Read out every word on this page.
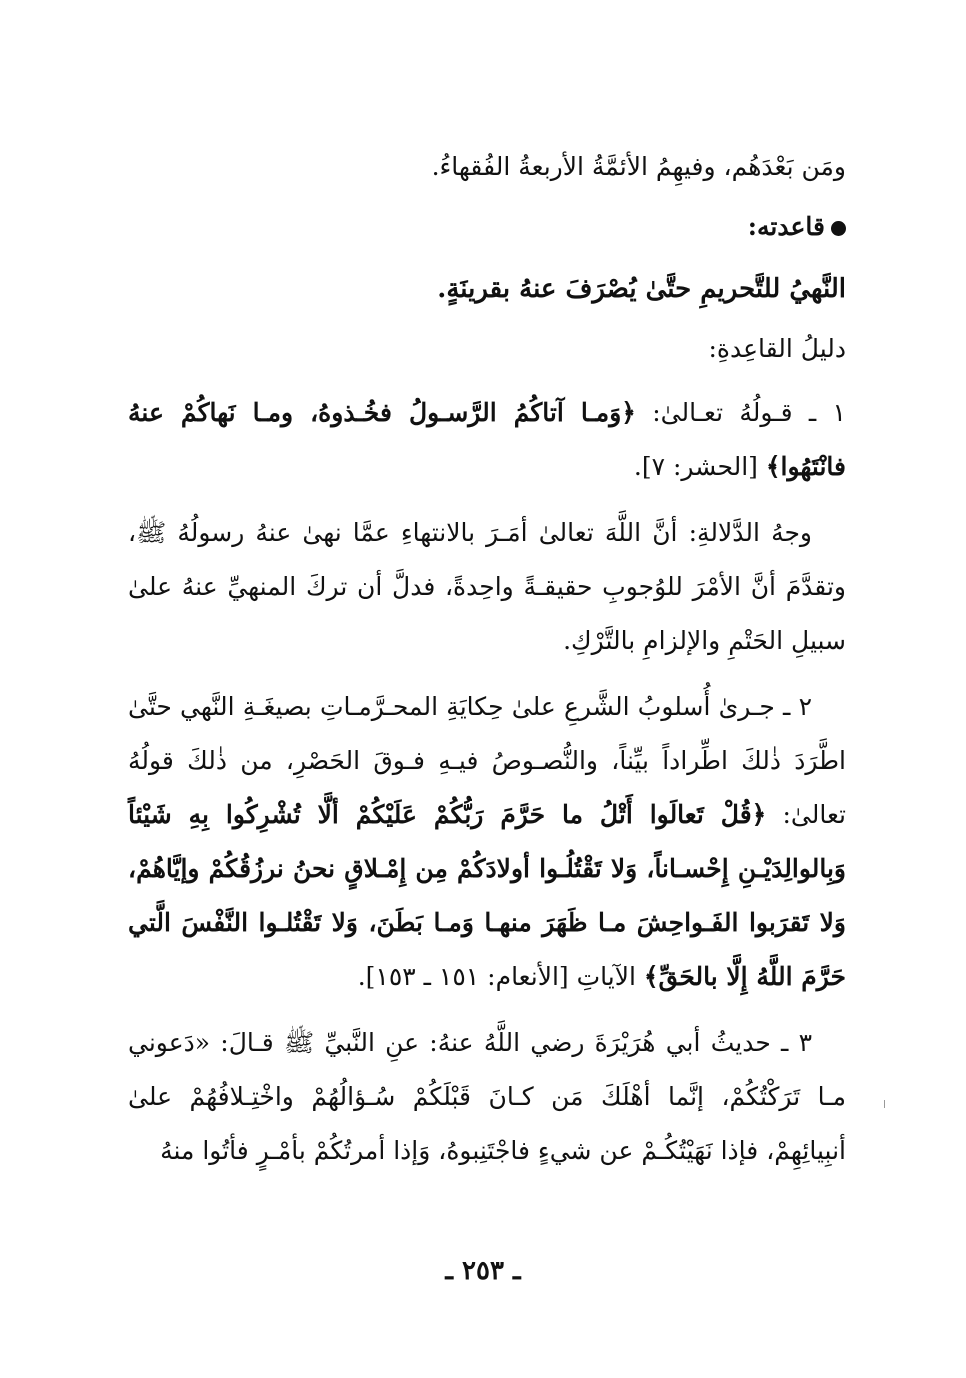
ومَن بَعْدَهُم، وفيهِمُ الأئمَّةُ الأربعةُ الفُقهاءُ.

قاعدته:

النَّهيُ للتَّحريمِ حتَّىٰ يُصْرَفَ عنهُ بقرينَةٍ.

دليلُ القاعِدةِ:

١ ـ قـولُهُ تعـالىٰ: ﴿وَمـا آتاكُمُ الرَّسـولُ فخُـذوهُ، ومـا نَهاكُمْ عنهُ فانْتَهُوا﴾ [الحشر: ٧].

وجهُ الدَّلالةِ: أنَّ اللَّهَ تعالىٰ أمَـرَ بالانتهاءِ عمَّا نهىٰ عنهُ رسولُهُ ﷺ، وتقدَّمَ أنَّ الأمْرَ للوُجوبِ حقيقـةً واحِدةً، فدلَّ أن تركَ المنهيِّ عنهُ علىٰ سبيلِ الحَتْمِ والإلزامِ بالتَّرْكِ.

٢ ـ جـرىٰ أُسلوبُ الشَّرعِ علىٰ حِكايَةِ المحـرَّمـاتِ بصيغَـةِ النَّهي حتَّىٰ اطَّرَدَ ذٰلكَ اطِّراداً بيِّناً، والنُّصـوصُ فيـهِ فـوقَ الحَصْرِ، من ذٰلكَ قولُهُ تعالىٰ: ﴿قُلْ تَعالَوا أَتْلُ ما حَرَّمَ رَبُّكُمْ عَلَيْكُمْ ألَّا تُشْرِكُوا بِهِ شَيْئاً وَبِالوالِدَيْـنِ إِحْسـاناً، وَلا تَقْتُلُـوا أولادَكُمْ مِن إِمْـلاقٍ نحنُ نرزُقُكُمْ وإيَّاهُمْ، وَلا تَقرَبوا الفَـواحِشَ مـا ظَهَرَ منهـا وَمـا بَطَنَ، وَلا تَقْتُلـوا النَّفْسَ الَّتي حَرَّمَ اللَّهُ إِلَّا بالحَقِّ﴾ الآياتِ [الأنعام: ١٥١ ـ ١٥٣].

٣ ـ حديثُ أبي هُرَيْرَةَ رضي اللَّهُ عنهُ: عنِ النَّبيِّ ﷺ قـالَ: «دَعوني مـا تَرَكْتُكُمْ، إنَّما أهْلَكَ مَن كـانَ قَبْلَكُمْ سُـؤالُهُمْ واخْتِـلافُهُمْ علىٰ أنبِيائِهِمْ، فإذا نَهَيْتُكُـمْ عن شيءٍ فاجْتَنِبوهُ، وَإذا أمرتُكُمْ بأمْـرٍ فأتُوا منهُ

ـ ٢٥٣ ـ
